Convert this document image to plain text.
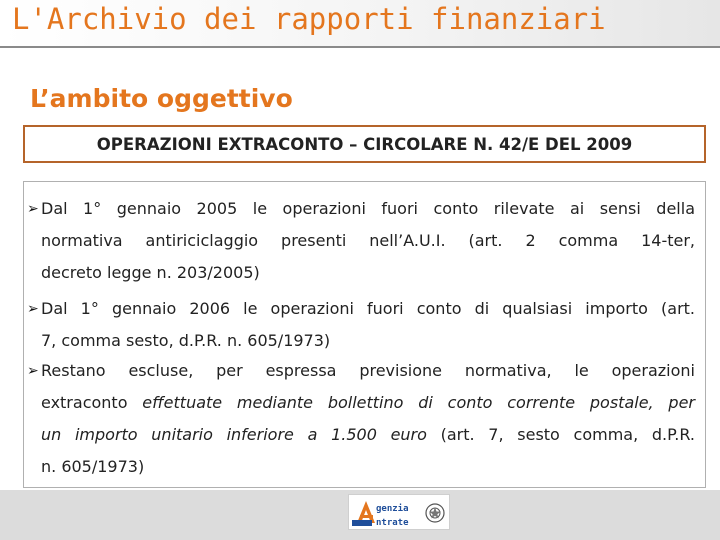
L'Archivio dei rapporti finanziari
L’ambito oggettivo
OPERAZIONI EXTRACONTO – CIRCOLARE N. 42/E DEL 2009
➢ Dal 1° gennaio 2005 le operazioni fuori conto rilevate ai sensi della
normativa antiriciclaggio presenti nell’A.U.I. (art. 2 comma 14-ter,
decreto legge n. 203/2005)
➢ Dal 1° gennaio 2006 le operazioni fuori conto di qualsiasi importo (art.
7, comma sesto, d.P.R. n. 605/1973)
➢ Restano escluse, per espressa previsione normativa, le operazioni
extraconto effettuate mediante bollettino di conto corrente postale, per
un importo unitario inferiore a 1.500 euro (art. 7, sesto comma, d.P.R.
n. 605/1973)
genzia
ntrate
